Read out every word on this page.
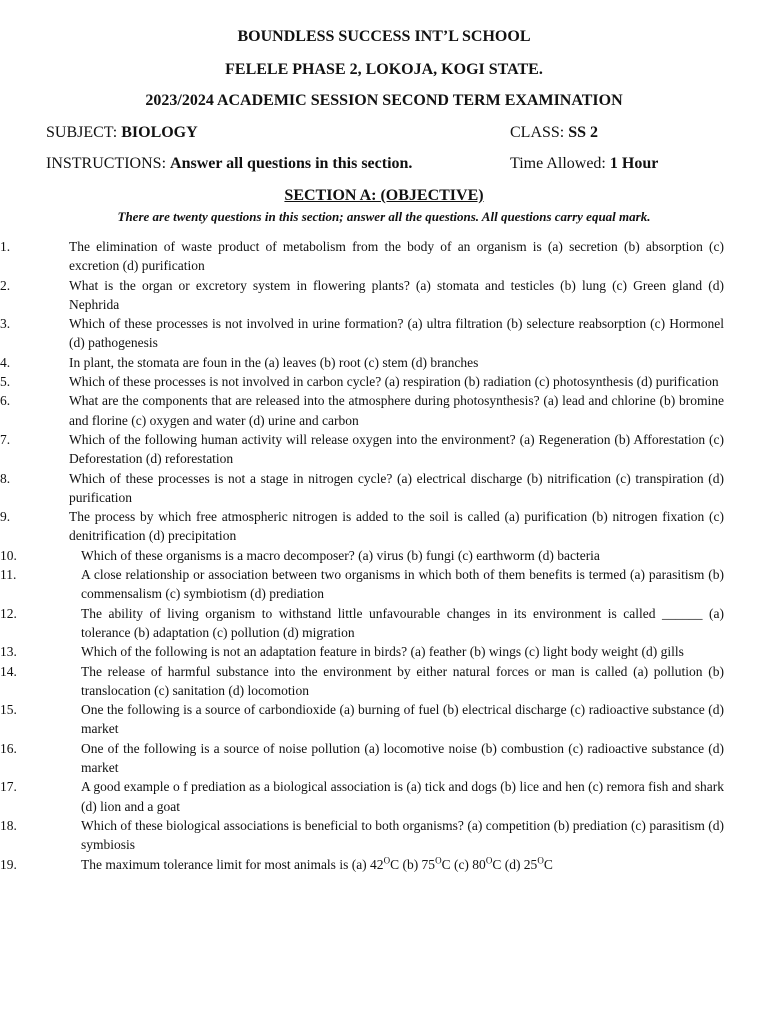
BOUNDLESS SUCCESS INT’L SCHOOL
FELELE PHASE 2, LOKOJA, KOGI STATE.
2023/2024 ACADEMIC SESSION SECOND TERM EXAMINATION
SUBJECT: BIOLOGY	CLASS: SS 2
INSTRUCTIONS: Answer all questions in this section.	Time Allowed: 1 Hour
SECTION A: (OBJECTIVE)
There are twenty questions in this section; answer all the questions. All questions carry equal mark.
1.	The elimination of waste product of metabolism from the body of an organism is (a) secretion (b) absorption (c) excretion (d) purification
2.	What is the organ or excretory system in flowering plants? (a) stomata and testicles (b) lung (c) Green gland (d) Nephrida
3.	Which of these processes is not involved in urine formation? (a) ultra filtration (b) selecture reabsorption (c) Hormonel (d) pathogenesis
4.	In plant, the stomata are foun in the (a) leaves (b) root (c) stem (d) branches
5.	Which of these processes is not involved in carbon cycle? (a) respiration (b) radiation (c) photosynthesis (d) purification
6.	What are the components that are released into the atmosphere during photosynthesis? (a) lead and chlorine (b) bromine and florine (c) oxygen and water (d) urine and carbon
7.	Which of the following human activity will release oxygen into the environment? (a) Regeneration (b) Afforestation (c) Deforestation (d) reforestation
8.	Which of these processes is not a stage in nitrogen cycle? (a) electrical discharge (b) nitrification (c) transpiration (d) purification
9.	The process by which free atmospheric nitrogen is added to the soil is called (a) purification (b) nitrogen fixation (c) denitrification (d) precipitation
10.	Which of these organisms is a macro decomposer? (a) virus (b) fungi (c) earthworm (d) bacteria
11.	A close relationship or association between two organisms in which both of them benefits is termed (a) parasitism (b) commensalism (c) symbiotism (d) prediation
12.	The ability of living organism to withstand little unfavourable changes in its environment is called ______ (a) tolerance (b) adaptation (c) pollution (d) migration
13.	Which of the following is not an adaptation feature in birds? (a) feather (b) wings (c) light body weight (d) gills
14.	The release of harmful substance into the environment by either natural forces or man is called (a) pollution (b) translocation (c) sanitation (d) locomotion
15.	One the following is a source of carbondioxide (a) burning of fuel (b) electrical discharge (c) radioactive substance (d) market
16.	One of the following is a source of noise pollution (a) locomotive noise (b) combustion (c) radioactive substance (d) market
17.	A good example o f prediation as a biological association is (a) tick and dogs (b) lice and hen (c) remora fish and shark (d) lion and a goat
18.	Which of these biological associations is beneficial to both organisms? (a) competition (b) prediation (c) parasitism (d) symbiosis
19.	The maximum tolerance limit for most animals is (a) $42^OC$ (b) $75^OC$ (c) $80^OC$ (d) $25^OC$
